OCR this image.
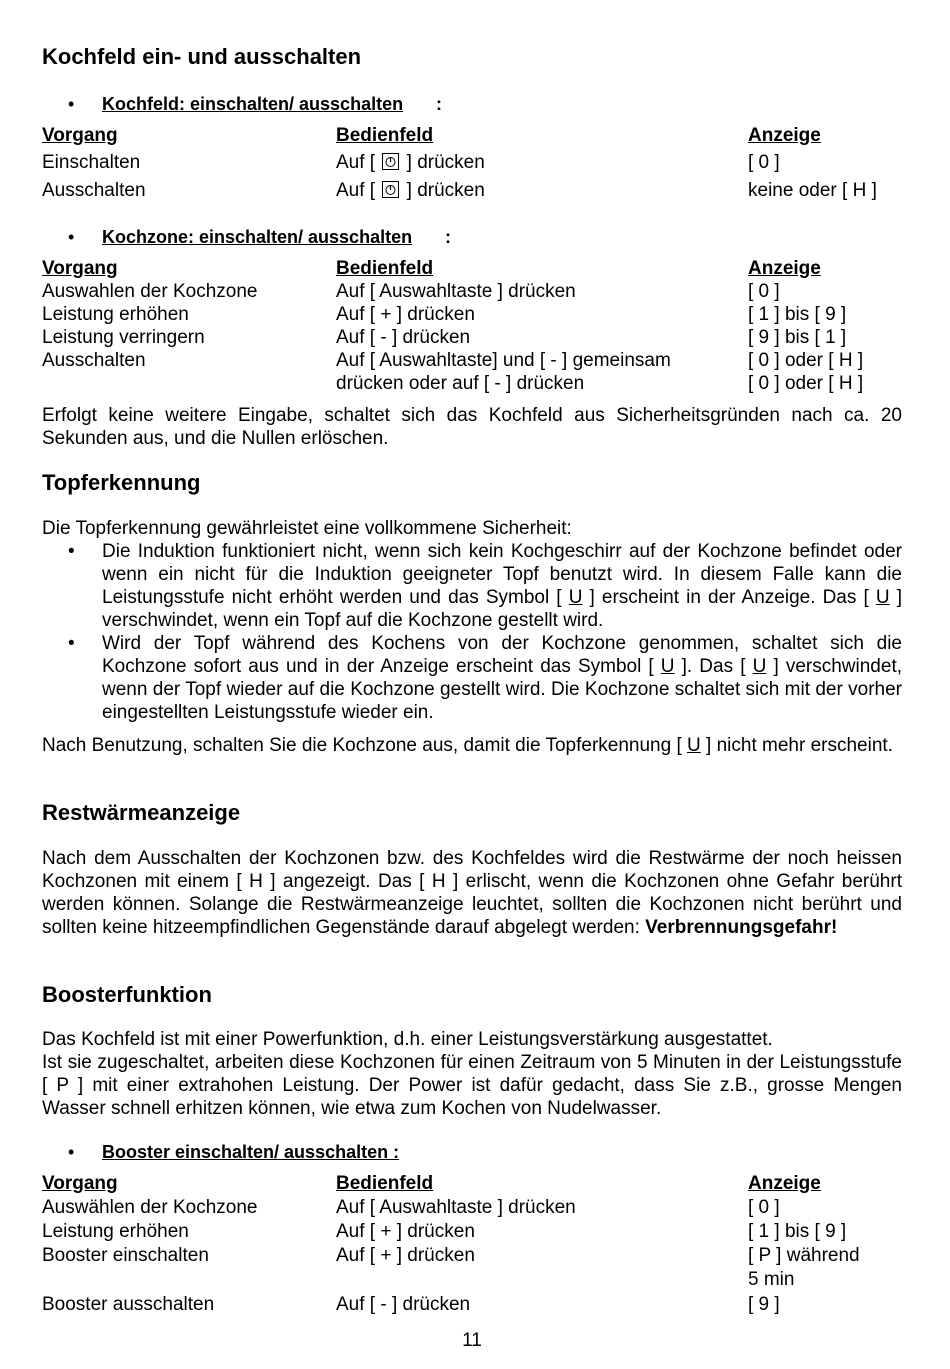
Kochfeld ein- und ausschalten
• Kochfeld: einschalten/ ausschalten :
Vorgang	Bedienfeld	Anzeige
Einschalten	Auf [ ] drücken	[ 0 ]
Ausschalten	Auf [ ] drücken	keine oder [ H ]
• Kochzone: einschalten/ ausschalten :
Vorgang	Bedienfeld	Anzeige
Auswahlen der Kochzone	Auf [ Auswahltaste ] drücken	[ 0 ]
Leistung erhöhen	Auf [ + ] drücken	[ 1 ] bis [ 9 ]
Leistung verringern	Auf [ - ] drücken	[ 9 ] bis [ 1 ]
Ausschalten	Auf [ Auswahltaste] und [ - ] gemeinsam	[ 0 ] oder [ H ]
drücken oder auf [ - ] drücken	[ 0 ] oder [ H ]

Erfolgt keine weitere Eingabe, schaltet sich das Kochfeld aus Sicherheitsgründen nach ca. 20 Sekunden aus, und die Nullen erlöschen.

Topferkennung

Die Topferkennung gewährleistet eine vollkommene Sicherheit:

• Die Induktion funktioniert nicht, wenn sich kein Kochgeschirr auf der Kochzone befindet oder wenn ein nicht für die Induktion geeigneter Topf benutzt wird. In diesem Falle kann die Leistungsstufe nicht erhöht werden und das Symbol [ U ] erscheint in der Anzeige. Das [ U ] verschwindet, wenn ein Topf auf die Kochzone gestellt wird.
• Wird der Topf während des Kochens von der Kochzone genommen, schaltet sich die Kochzone sofort aus und in der Anzeige erscheint das Symbol [ U ]. Das [ U ] verschwindet, wenn der Topf wieder auf die Kochzone gestellt wird. Die Kochzone schaltet sich mit der vorher eingestellten Leistungsstufe wieder ein.

Nach Benutzung, schalten Sie die Kochzone aus, damit die Topferkennung [ U ] nicht mehr erscheint.

Restwärmeanzeige

Nach dem Ausschalten der Kochzonen bzw. des Kochfeldes wird die Restwärme der noch heissen Kochzonen mit einem [ H ] angezeigt. Das [ H ] erlischt, wenn die Kochzonen ohne Gefahr berührt werden können. Solange die Restwärmeanzeige leuchtet, sollten die Kochzonen nicht berührt und sollten keine hitzeempfindlichen Gegenstände darauf abgelegt werden: Verbrennungsgefahr!

Boosterfunktion

Das Kochfeld ist mit einer Powerfunktion, d.h. einer Leistungsverstärkung ausgestattet.

Ist sie zugeschaltet, arbeiten diese Kochzonen für einen Zeitraum von 5 Minuten in der Leistungsstufe [ P ] mit einer extrahohen Leistung. Der Power ist dafür gedacht, dass Sie z.B., grosse Mengen Wasser schnell erhitzen können, wie etwa zum Kochen von Nudelwasser.

• Booster einschalten/ ausschalten :
Vorgang	Bedienfeld	Anzeige
Auswählen der Kochzone	Auf [ Auswahltaste ] drücken	[ 0 ]
Leistung erhöhen	Auf [ + ] drücken	[ 1 ] bis [ 9 ]
Booster einschalten	Auf [ + ] drücken	[ P ] während
5 min
Booster ausschalten	Auf [ - ] drücken	[ 9 ]
11
